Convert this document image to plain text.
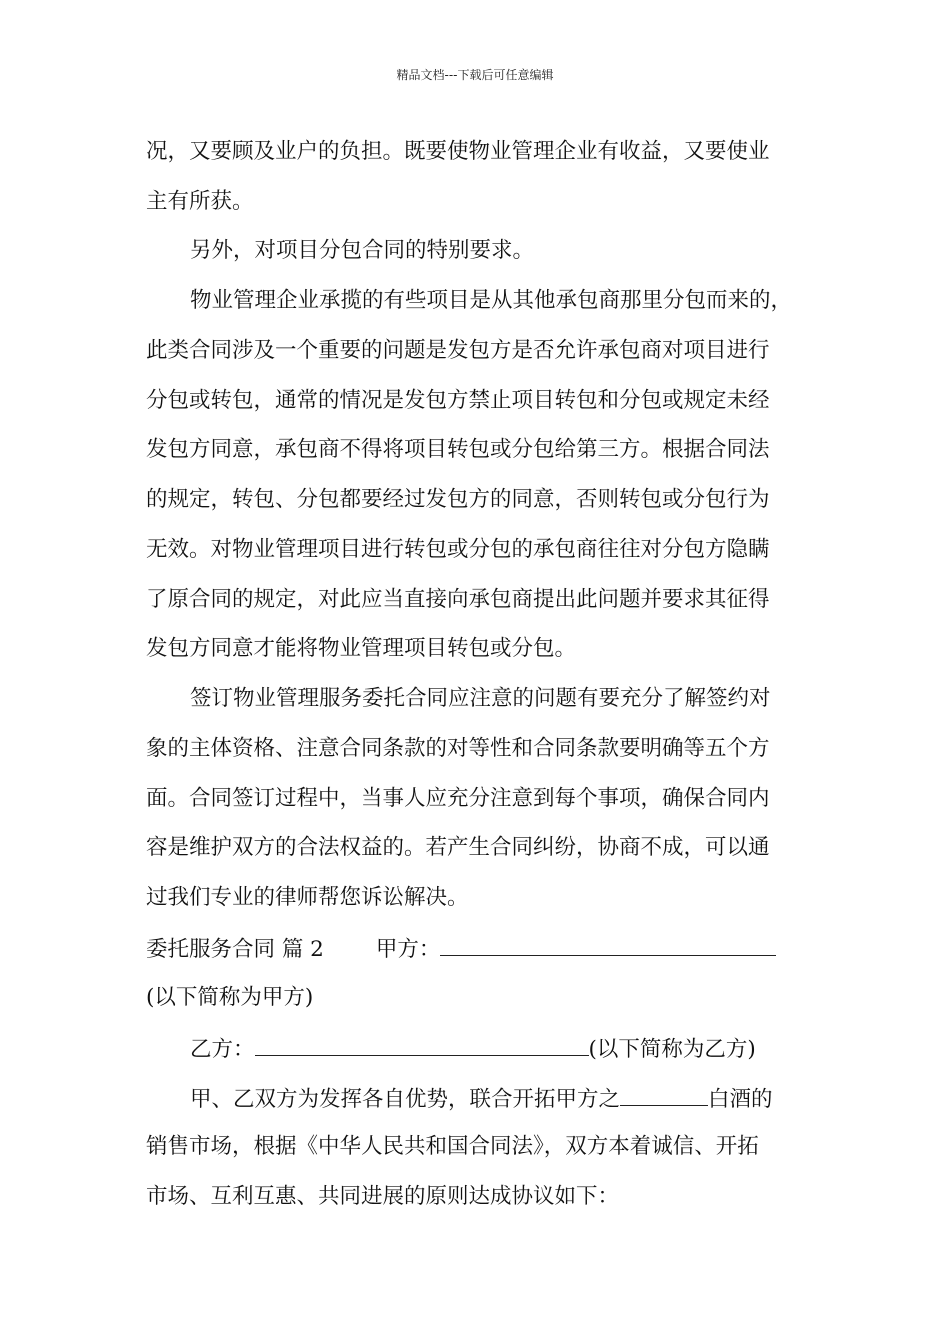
精品文档---下载后可任意编辑
况，又要顾及业户的负担。既要使物业管理企业有收益，又要使业
主有所获。
另外，对项目分包合同的特别要求。
物业管理企业承揽的有些项目是从其他承包商那里分包而来的，
此类合同涉及一个重要的问题是发包方是否允许承包商对项目进行
分包或转包，通常的情况是发包方禁止项目转包和分包或规定未经
发包方同意，承包商不得将项目转包或分包给第三方。根据合同法
的规定，转包、分包都要经过发包方的同意，否则转包或分包行为
无效。对物业管理项目进行转包或分包的承包商往往对分包方隐瞒
了原合同的规定，对此应当直接向承包商提出此问题并要求其征得
发包方同意才能将物业管理项目转包或分包。
签订物业管理服务委托合同应注意的问题有要充分了解签约对
象的主体资格、注意合同条款的对等性和合同条款要明确等五个方
面。合同签订过程中，当事人应充分注意到每个事项，确保合同内
容是维护双方的合法权益的。若产生合同纠纷，协商不成，可以通
过我们专业的律师帮您诉讼解决。
委托服务合同 篇 2 甲方：
(以下简称为甲方)
乙方：	(以下简称为乙方)
甲、乙双方为发挥各自优势，联合开拓甲方之	白酒的
销售市场，根据《中华人民共和国合同法》，双方本着诚信、开拓
市场、互利互惠、共同进展的原则达成协议如下：
